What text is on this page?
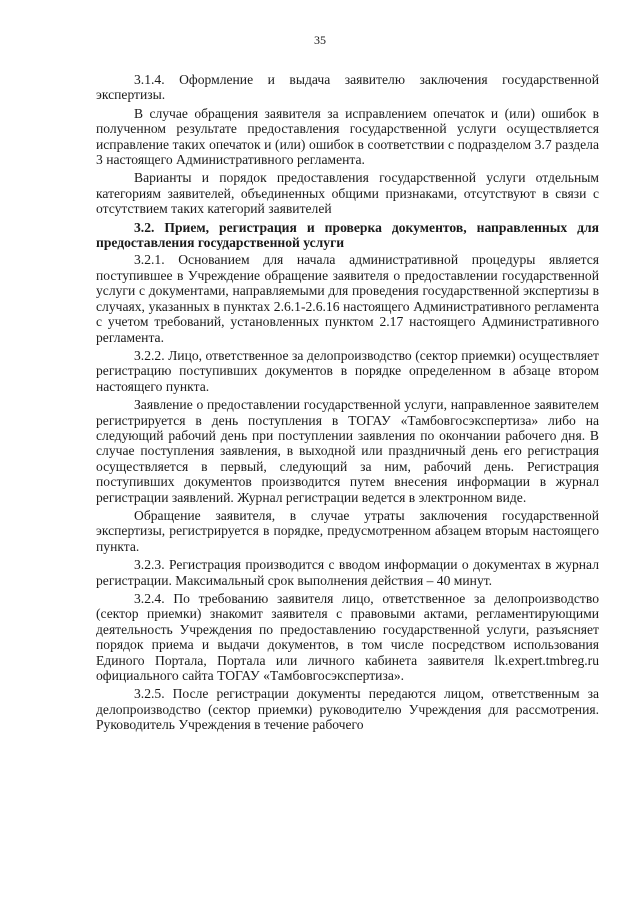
35

3.1.4. Оформление и выдача заявителю заключения государственной экспертизы.

В случае обращения заявителя за исправлением опечаток и (или) ошибок в полученном результате предоставления государственной услуги осуществляется исправление таких опечаток и (или) ошибок в соответствии с подразделом 3.7 раздела 3 настоящего Административного регламента.

Варианты и порядок предоставления государственной услуги отдельным категориям заявителей, объединенных общими признаками, отсутствуют в связи с отсутствием таких категорий заявителей

3.2. Прием, регистрация и проверка документов, направленных для предоставления государственной услуги

3.2.1. Основанием для начала административной процедуры является поступившее в Учреждение обращение заявителя о предоставлении государственной услуги с документами, направляемыми для проведения государственной экспертизы в случаях, указанных в пунктах 2.6.1-2.6.16 настоящего Административного регламента с учетом требований, установленных пунктом 2.17 настоящего Административного регламента.

3.2.2. Лицо, ответственное за делопроизводство (сектор приемки) осуществляет регистрацию поступивших документов в порядке определенном в абзаце втором настоящего пункта.

Заявление о предоставлении государственной услуги, направленное заявителем регистрируется в день поступления в ТОГАУ «Тамбовгосэкспертиза» либо на следующий рабочий день при поступлении заявления по окончании рабочего дня. В случае поступления заявления, в выходной или праздничный день его регистрация осуществляется в первый, следующий за ним, рабочий день. Регистрация поступивших документов производится путем внесения информации в журнал регистрации заявлений. Журнал регистрации ведется в электронном виде.

Обращение заявителя, в случае утраты заключения государственной экспертизы, регистрируется в порядке, предусмотренном абзацем вторым настоящего пункта.

3.2.3. Регистрация производится с вводом информации о документах в журнал регистрации. Максимальный срок выполнения действия – 40 минут.

3.2.4. По требованию заявителя лицо, ответственное за делопроизводство (сектор приемки) знакомит заявителя с правовыми актами, регламентирующими деятельность Учреждения по предоставлению государственной услуги, разъясняет порядок приема и выдачи документов, в том числе посредством использования Единого Портала, Портала или личного кабинета заявителя lk.expert.tmbreg.ru официального сайта ТОГАУ «Тамбовгосэкспертиза».

3.2.5. После регистрации документы передаются лицом, ответственным за делопроизводство (сектор приемки) руководителю Учреждения для рассмотрения. Руководитель Учреждения в течение рабочего
